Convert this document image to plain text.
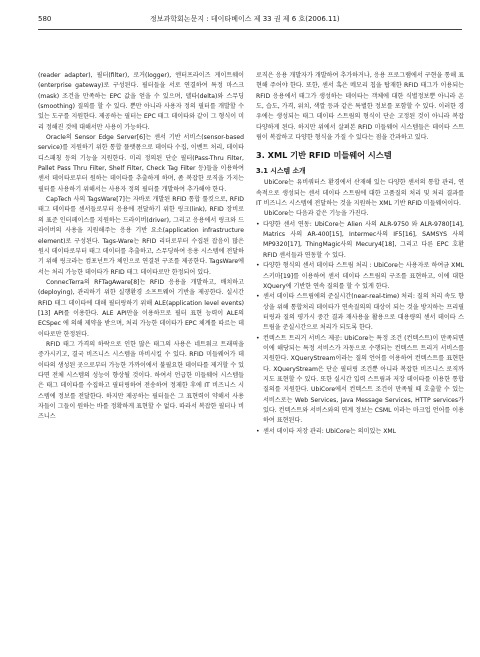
580	정보과학회논문지 : 데이타베이스 제 33 권 제 6 호(2006.11)

(reader adapter), 필터(filter), 로거(logger), 엔터프라이즈 게이트웨이(enterprise gateway)로 구성된다. 필터들을 서로 연결하여 특정 마스크(mask) 조건을 만족하는 EPC 값을 얻을 수 있으며, 델타(delta)와 스무딩(smoothing) 질의를 할 수 있다. 뿐만 아니라 사용자 정의 필터를 개발할 수 있는 도구를 지원한다. 제공하는 필터는 EPC 태그 데이타와 같이 그 형식이 미리 정해진 것에 대해서만 사용이 가능하다.

Oracle의 Sensor Edge Server[6]는 센서 기반 서비스(sensor-based service)를 지원하기 위한 통합 플랫폼으로 데이타 수집, 이벤트 처리, 데이타 디스패칭 등의 기능을 지원한다. 미리 정의된 단순 필터(Pass-Thru Filter, Pallet Pass Thru Filter, Shelf Filter, Check Tag Filter 등)들을 이용하여 센서 데이타로부터 원하는 데이타를 추출하게 하며, 좀 복잡한 로직을 가지는 필터를 사용하기 위해서는 사용자 정의 필터를 개발하여 추가해야 한다.

CapTech 사의 TagsWare[7]는 자바로 개발된 RFID 통합 툴킷으로, RFID 태그 데이타를 센서들로부터 응용에 전달하기 위한 링크(link), RFID 장비로의 표준 인터페이스를 지원하는 드라이버(driver), 그리고 응용에서 링크와 드라이버의 사용을 지원해주는 응용 기반 요소(application infrastructure element)로 구성된다. Tags-Ware는 RFID 리더로부터 수집된 잡음이 많은 원시 데이타로부터 태그 데이터를 추출하고, 스무딩하여 응용 시스템에 전달하기 위해 링크라는 컴포넌트가 체인으로 연결된 구조를 제공한다. TagsWare에서는 처리 가능한 데이타가 RFID 태그 데이타로만 한정되어 있다.

ConnecTerra의 RFTagAware[8]는 RFID 응용을 개발하고, 배치하고(deploying), 관리하기 위한 실행환경 소프트웨어 기반을 제공한다. 실시간 RFID 태그 데이타에 대해 필터링하기 위해 ALE(application level events) [13] API를 이용한다. ALE API만을 이용하므로 필터 표현 능력이 ALE의 ECSpec 에 의해 제약을 받으며, 처리 가능한 데이타가 EPC 체계를 따르는 데이타로만 한정된다.

RFID 태그 가격의 하락으로 인한 많은 태그의 사용은 네트워크 트래픽을 증가시키고, 결국 비즈니스 시스템을 마비시킬 수 있다. RFID 미들웨어가 데이타의 생성된 곳으로부터 가능한 가까이에서 불필요한 데이타를 제거할 수 있다면 전체 시스템의 성능이 향상될 것이다. 하여서 언급한 미들웨어 시스템들은 태그 데이타를 수집하고 필터링하여 전송하여 정제한 후에 IT 비즈니스 시스템에 정보를 전달한다. 하지만 제공하는 필터들은 그 표현력이 약해서 사용자들이 그들이 원하는 바를 정확하게 표현할 수 없다. 따라서 복잡한 필터나 비즈니스

로직은 응용 개발자가 개발하여 추가하거나, 응용 프로그램에서 구현을 통해 표현해 주어야 한다. 또한, 센서 혹은 메모리 칩을 탑재한 RFID 태그가 이용되는 RFID 응용에서 태그가 생성하는 데이타는 객체에 대한 식별정보뿐 아니라 온도, 습도, 가격, 위치, 색깔 등과 같은 특별한 정보를 포함할 수 있다. 이러한 경우에는 생성되는 태그 데이타 스트림의 형식이 단순 고정된 것이 아니라 복잡 다양하게 된다. 하지만 위에서 살펴본 RFID 미들웨어 시스템들은 데이타 스트림이 복잡하고 다양한 형식을 가질 수 있다는 점을 간과하고 있다.

3. XML 기반 RFID 미들웨어 시스템
3.1 시스템 소개

UbiCore는 유비쿼터스 환경에서 산재해 있는 다양한 센서의 통합 관리, 연속적으로 생성되는 센서 데이타 스트림에 대한 고품질의 처리 및 처리 결과를 IT 비즈니스 시스템에 전달하는 것을 지원하는 XML 기반 RFID 미들웨어이다.

UbiCore는 다음과 같은 기능을 가진다.

• 다양한 센서 연동: UbiCore는 Alien 사의 ALR-9750 와 ALR-9780[14], Matrics 사의 AR-400[15], Intermec사의 IF5[16], SAMSYS 사의 MP9320[17], ThingMagic사의 Mecury4[18], 그리고 다른 EPC 호환 RFID 센서들과 연동할 수 있다.
• 다양한 형식의 센서 데이타 스트림 처리 : UbiCore는 사용자로 하여금 XML 스키마[19]를 이용하여 센서 데이타 스트림의 구조를 표현하고, 이에 대한 XQuery에 기반한 연속 질의를 할 수 있게 한다.
• 센서 데이타 스트림에의 준실시간(near-real-time) 처리: 질의 처리 속도 향상을 위해 통합처리 데이타가 연속질의의 대상이 되는 것을 방지하는 프리필터링과 질의 평가시 중간 결과 재사용을 활용으로 대용량의 센서 데이타 스트림을 준실시간으로 처리가 되도록 한다.
• 컨텍스트 트리거 서비스 제공: UbiCore는 특정 조건 (컨텍스트)이 만족되면 이에 해당되는 특정 서비스가 자동으로 수행되는 컨텍스트 트리거 서비스를 지원한다. XQueryStream이라는 질의 언어를 이용하여 컨텍스트를 표현한다. XQueryStream은 단순 필터링 조건뿐 아니라 복잡한 비즈니스 로직까지도 표현할 수 있다. 또한 실시간 입력 스트림과 저장 데이타를 이용한 통합 질의를 지원한다. UbiCore에서 컨텍스트 조건이 만족될 때 호출할 수 있는 서비스로는 Web Services, Java Message Services, HTTP services가 있다. 컨텍스트와 서비스와의 연계 정보는 CSML 이라는 마크업 언어를 이용하여 표현된다.
• 센서 데이타 저장 관리: UbiCore는 의미있는 XML
